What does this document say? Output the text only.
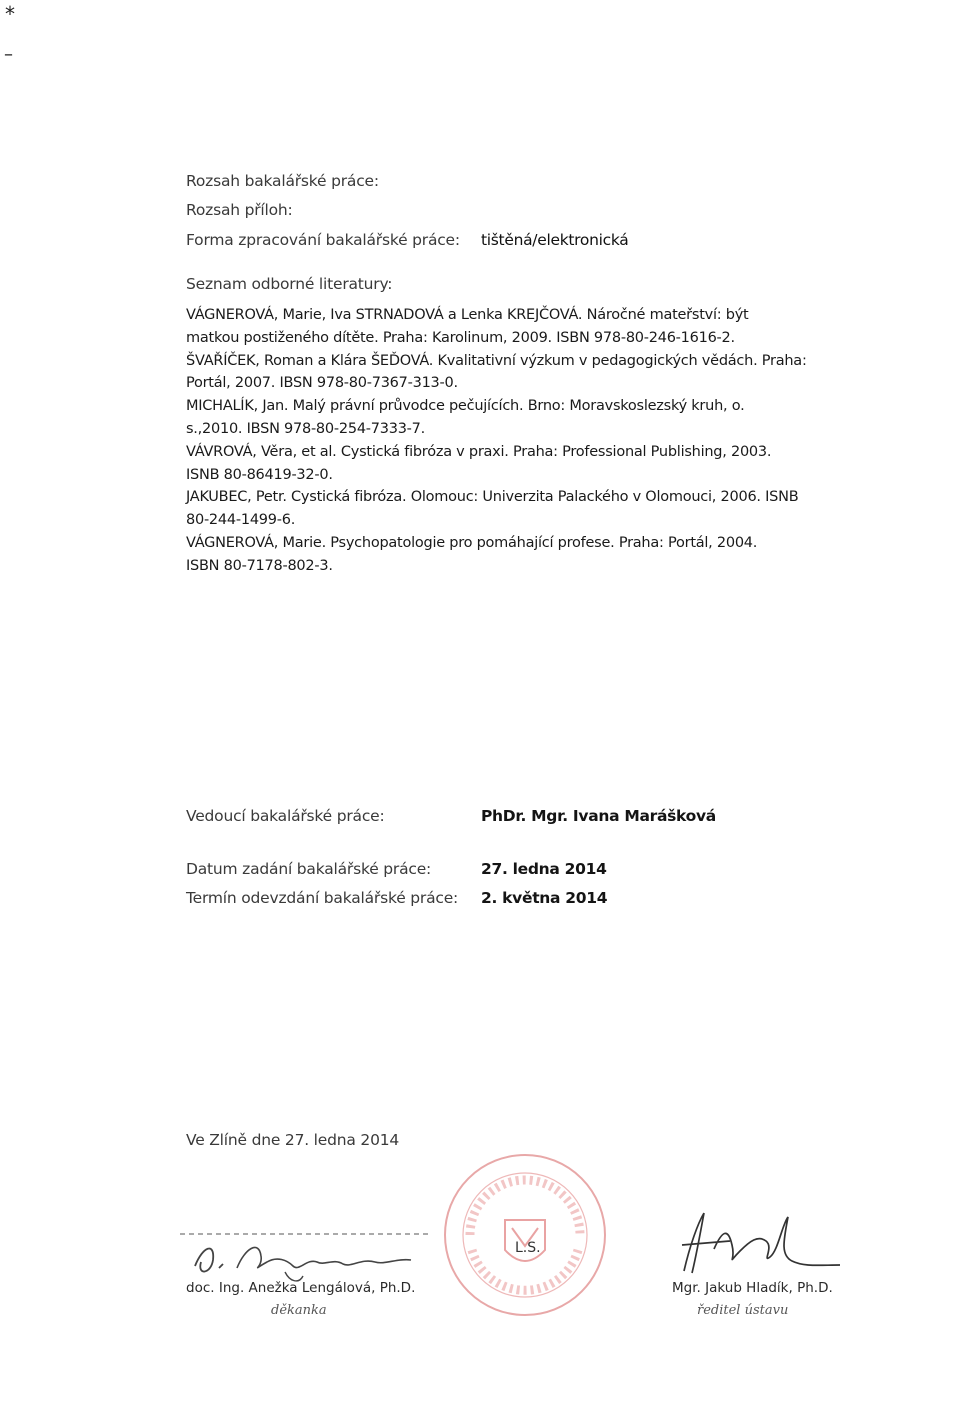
*
–
Rozsah bakalářské práce:
Rozsah příloh:
Forma zpracování bakalářské práce: tištěná/elektronická
Seznam odborné literatury:
VÁGNEROVÁ, Marie, Iva STRNADOVÁ a Lenka KREJČOVÁ. Náročné mateřství: být
matkou postiženého dítěte. Praha: Karolinum, 2009. ISBN 978-80-246-1616-2.
ŠVAŘÍČEK, Roman a Klára ŠEĎOVÁ. Kvalitativní výzkum v pedagogických vědách. Praha:
Portál, 2007. IBSN 978-80-7367-313-0.
MICHALÍK, Jan. Malý právní průvodce pečujících. Brno: Moravskoslezský kruh, o.
s.,2010. IBSN 978-80-254-7333-7.
VÁVROVÁ, Věra, et al. Cystická fibróza v praxi. Praha: Professional Publishing, 2003.
ISNB 80-86419-32-0.
JAKUBEC, Petr. Cystická fibróza. Olomouc: Univerzita Palackého v Olomouci, 2006. ISNB
80-244-1499-6.
VÁGNEROVÁ, Marie. Psychopatologie pro pomáhající profese. Praha: Portál, 2004.
ISBN 80-7178-802-3.
Vedoucí bakalářské práce:	PhDr. Mgr. Ivana Marášková
Datum zadání bakalářské práce:	27. ledna 2014
Termín odevzdání bakalářské práce: 2. května 2014
Ve Zlíně dne 27. ledna 2014
L.S.
doc. Ing. Anežka Lengálová, Ph.D.
děkanka
Mgr. Jakub Hladík, Ph.D.
ředitel ústavu
